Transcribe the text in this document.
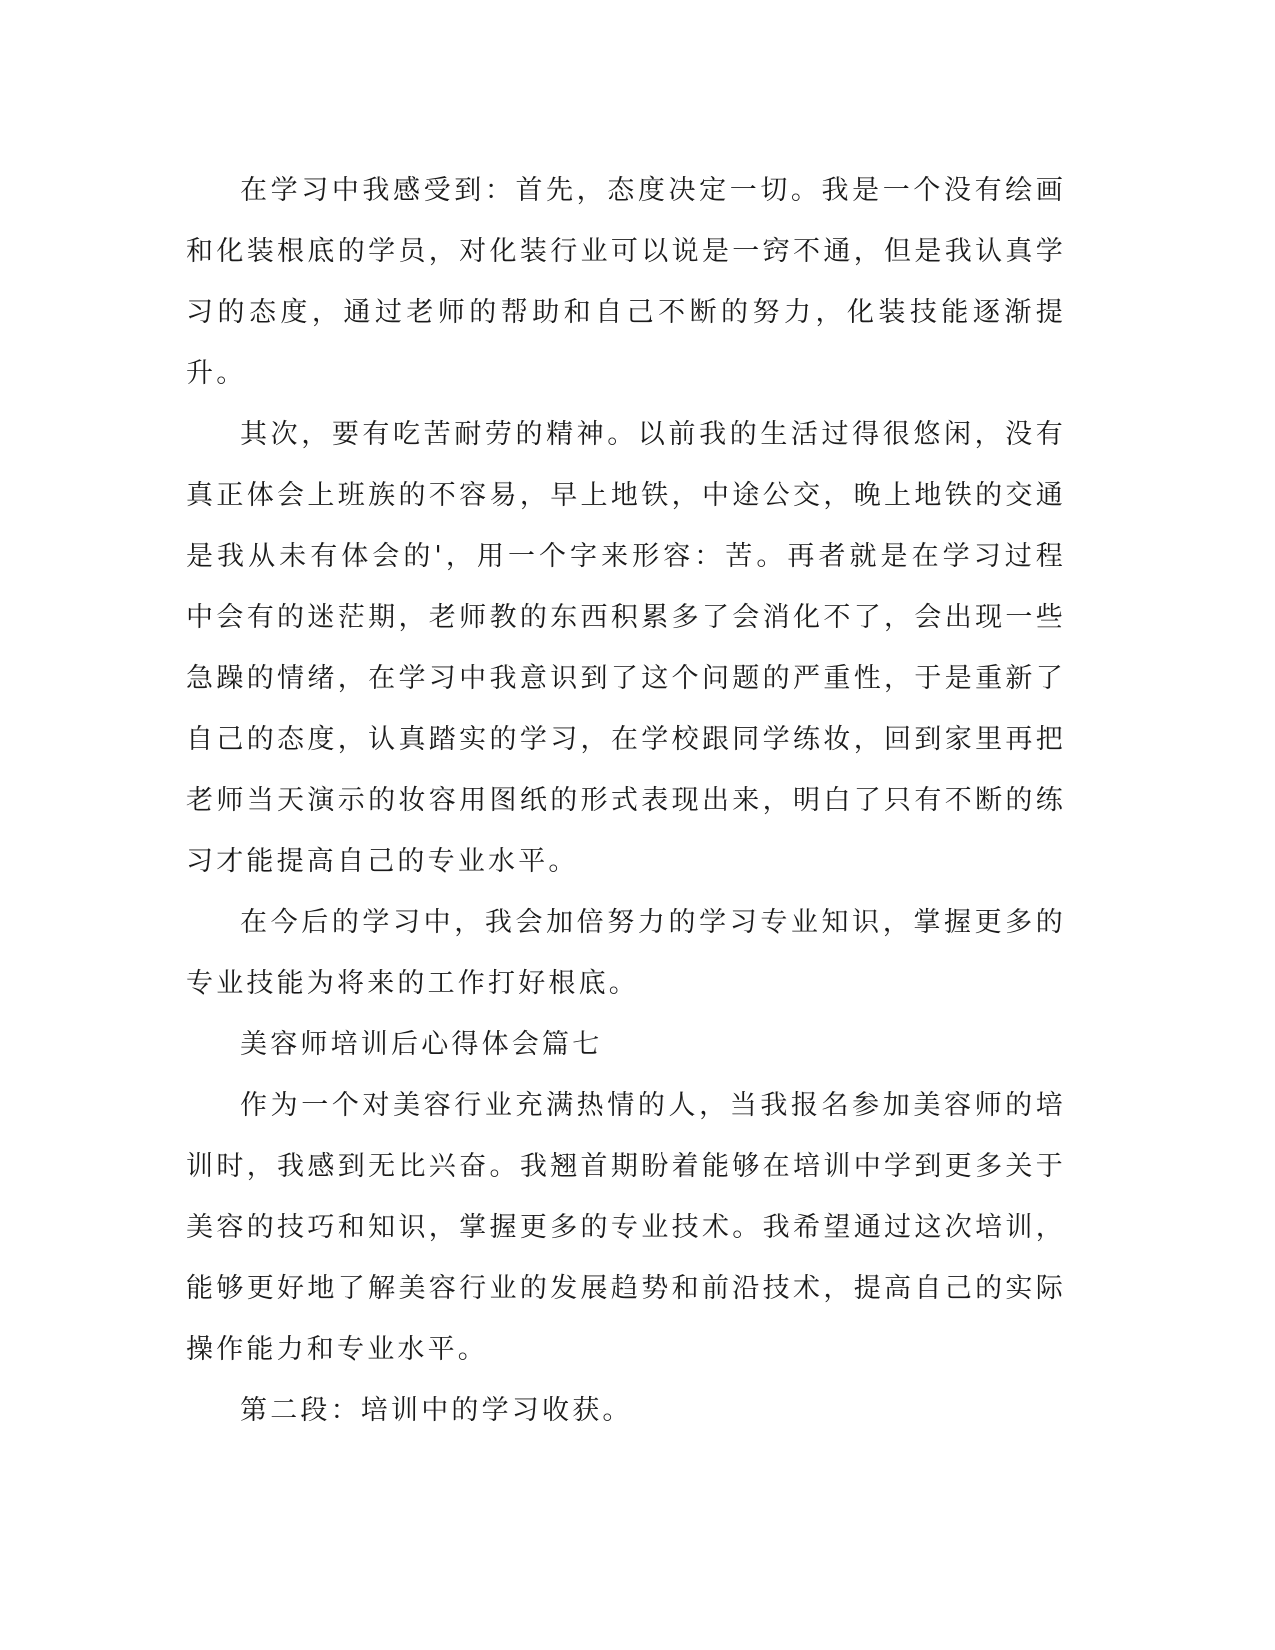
在学习中我感受到：首先，态度决定一切。我是一个没有绘画和化装根底的学员，对化装行业可以说是一窍不通，但是我认真学习的态度，通过老师的帮助和自己不断的努力，化装技能逐渐提升。

其次，要有吃苦耐劳的精神。以前我的生活过得很悠闲，没有真正体会上班族的不容易，早上地铁，中途公交，晚上地铁的交通是我从未有体会的'，用一个字来形容：苦。再者就是在学习过程中会有的迷茫期，老师教的东西积累多了会消化不了，会出现一些急躁的情绪，在学习中我意识到了这个问题的严重性，于是重新了自己的态度，认真踏实的学习，在学校跟同学练妆，回到家里再把老师当天演示的妆容用图纸的形式表现出来，明白了只有不断的练习才能提高自己的专业水平。

在今后的学习中，我会加倍努力的学习专业知识，掌握更多的专业技能为将来的工作打好根底。

美容师培训后心得体会篇七

作为一个对美容行业充满热情的人，当我报名参加美容师的培训时，我感到无比兴奋。我翘首期盼着能够在培训中学到更多关于美容的技巧和知识，掌握更多的专业技术。我希望通过这次培训，能够更好地了解美容行业的发展趋势和前沿技术，提高自己的实际操作能力和专业水平。

第二段：培训中的学习收获。
